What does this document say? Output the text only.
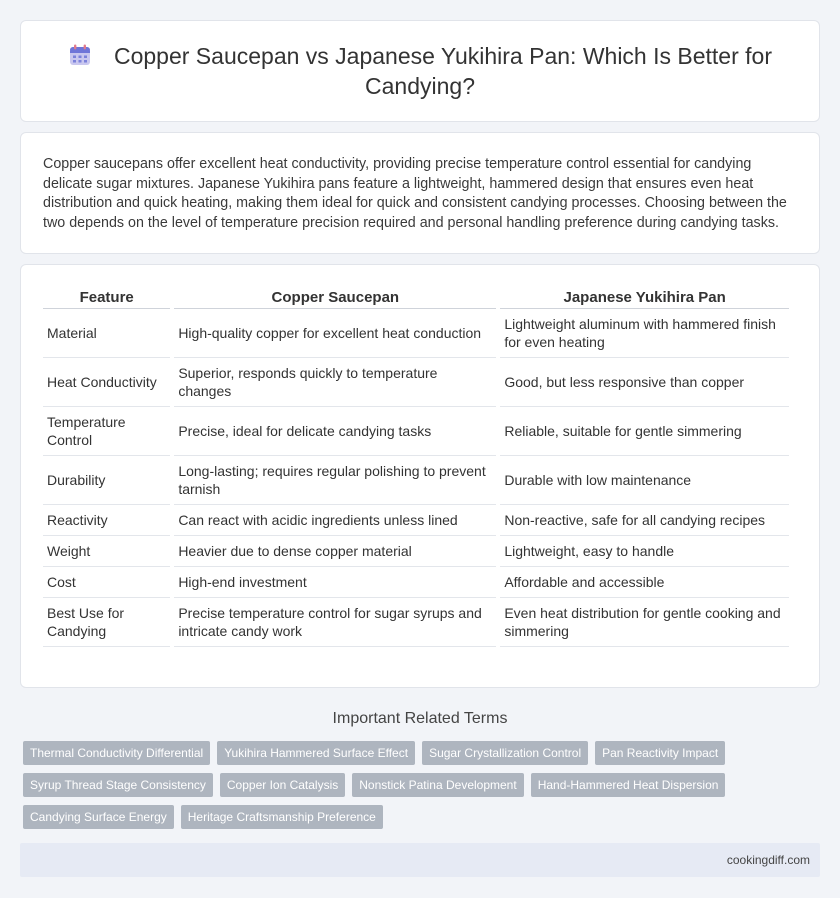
Copper Saucepan vs Japanese Yukihira Pan: Which Is Better for Candying?

Copper saucepans offer excellent heat conductivity, providing precise temperature control essential for candying delicate sugar mixtures. Japanese Yukihira pans feature a lightweight, hammered design that ensures even heat distribution and quick heating, making them ideal for quick and consistent candying processes. Choosing between the two depends on the level of temperature precision required and personal handling preference during candying tasks.

Feature	Copper Saucepan	Japanese Yukihira Pan
Material	High-quality copper for excellent heat conduction	Lightweight aluminum with hammered finish for even heating
Heat Conductivity	Superior, responds quickly to temperature changes	Good, but less responsive than copper
Temperature Control	Precise, ideal for delicate candying tasks	Reliable, suitable for gentle simmering
Durability	Long-lasting; requires regular polishing to prevent tarnish	Durable with low maintenance
Reactivity	Can react with acidic ingredients unless lined	Non-reactive, safe for all candying recipes
Weight	Heavier due to dense copper material	Lightweight, easy to handle
Cost	High-end investment	Affordable and accessible
Best Use for Candying	Precise temperature control for sugar syrups and intricate candy work	Even heat distribution for gentle cooking and simmering
Important Related Terms
Thermal Conductivity Differential	Yukihira Hammered Surface Effect	Sugar Crystallization Control	Pan Reactivity Impact
Syrup Thread Stage Consistency	Copper Ion Catalysis	Nonstick Patina Development	Hand-Hammered Heat Dispersion
Candying Surface Energy	Heritage Craftsmanship Preference
cookingdiff.com
